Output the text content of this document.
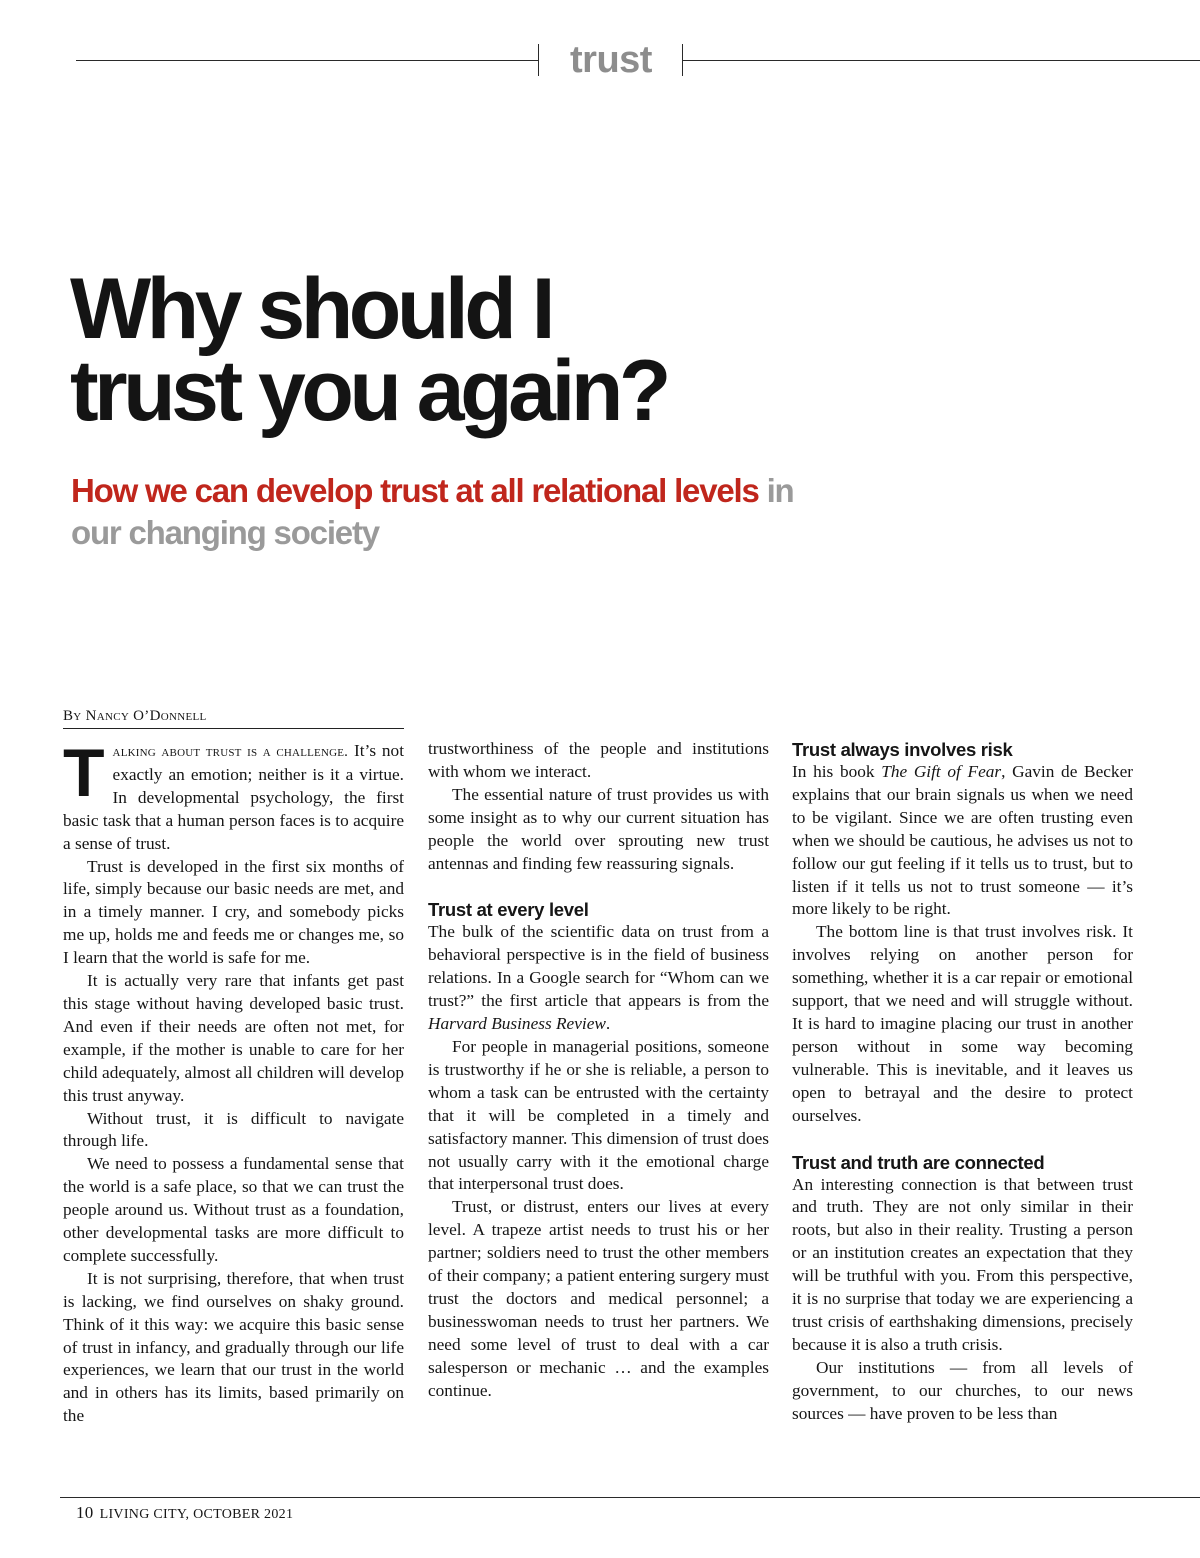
trust
Why should I
trust you again?
How we can develop trust at all relational levels in our changing society
By Nancy O’Donnell

Talking about trust is a challenge. It’s not exactly an emotion; neither is it a virtue. In developmental psychology, the first basic task that a human person faces is to acquire a sense of trust.

Trust is developed in the first six months of life, simply because our basic needs are met, and in a timely manner. I cry, and somebody picks me up, holds me and feeds me or changes me, so I learn that the world is safe for me.

It is actually very rare that infants get past this stage without having developed basic trust. And even if their needs are often not met, for example, if the mother is unable to care for her child adequately, almost all children will develop this trust anyway.

Without trust, it is difficult to navigate through life.

We need to possess a fundamental sense that the world is a safe place, so that we can trust the people around us. Without trust as a foundation, other developmental tasks are more difficult to complete successfully.

It is not surprising, therefore, that when trust is lacking, we find ourselves on shaky ground. Think of it this way: we acquire this basic sense of trust in infancy, and gradually through our life experiences, we learn that our trust in the world and in others has its limits, based primarily on the

trustworthiness of the people and institutions with whom we interact.

The essential nature of trust provides us with some insight as to why our current situation has people the world over sprouting new trust antennas and finding few reassuring signals.

Trust at every level

The bulk of the scientific data on trust from a behavioral perspective is in the field of business relations. In a Google search for “Whom can we trust?” the first article that appears is from the Harvard Business Review.

For people in managerial positions, someone is trustworthy if he or she is reliable, a person to whom a task can be entrusted with the certainty that it will be completed in a timely and satisfactory manner. This dimension of trust does not usually carry with it the emotional charge that interpersonal trust does.

Trust, or distrust, enters our lives at every level. A trapeze artist needs to trust his or her partner; soldiers need to trust the other members of their company; a patient entering surgery must trust the doctors and medical personnel; a businesswoman needs to trust her partners. We need some level of trust to deal with a car salesperson or mechanic … and the examples continue.

Trust always involves risk

In his book The Gift of Fear, Gavin de Becker explains that our brain signals us when we need to be vigilant. Since we are often trusting even when we should be cautious, he advises us not to follow our gut feeling if it tells us to trust, but to listen if it tells us not to trust someone — it’s more likely to be right.

The bottom line is that trust involves risk. It involves relying on another person for something, whether it is a car repair or emotional support, that we need and will struggle without. It is hard to imagine placing our trust in another person without in some way becoming vulnerable. This is inevitable, and it leaves us open to betrayal and the desire to protect ourselves.

Trust and truth are connected

An interesting connection is that between trust and truth. They are not only similar in their roots, but also in their reality. Trusting a person or an institution creates an expectation that they will be truthful with you. From this perspective, it is no surprise that today we are experiencing a trust crisis of earthshaking dimensions, precisely because it is also a truth crisis.

Our institutions — from all levels of government, to our churches, to our news sources — have proven to be less than

10 LIVING CITY, OCTOBER 2021
